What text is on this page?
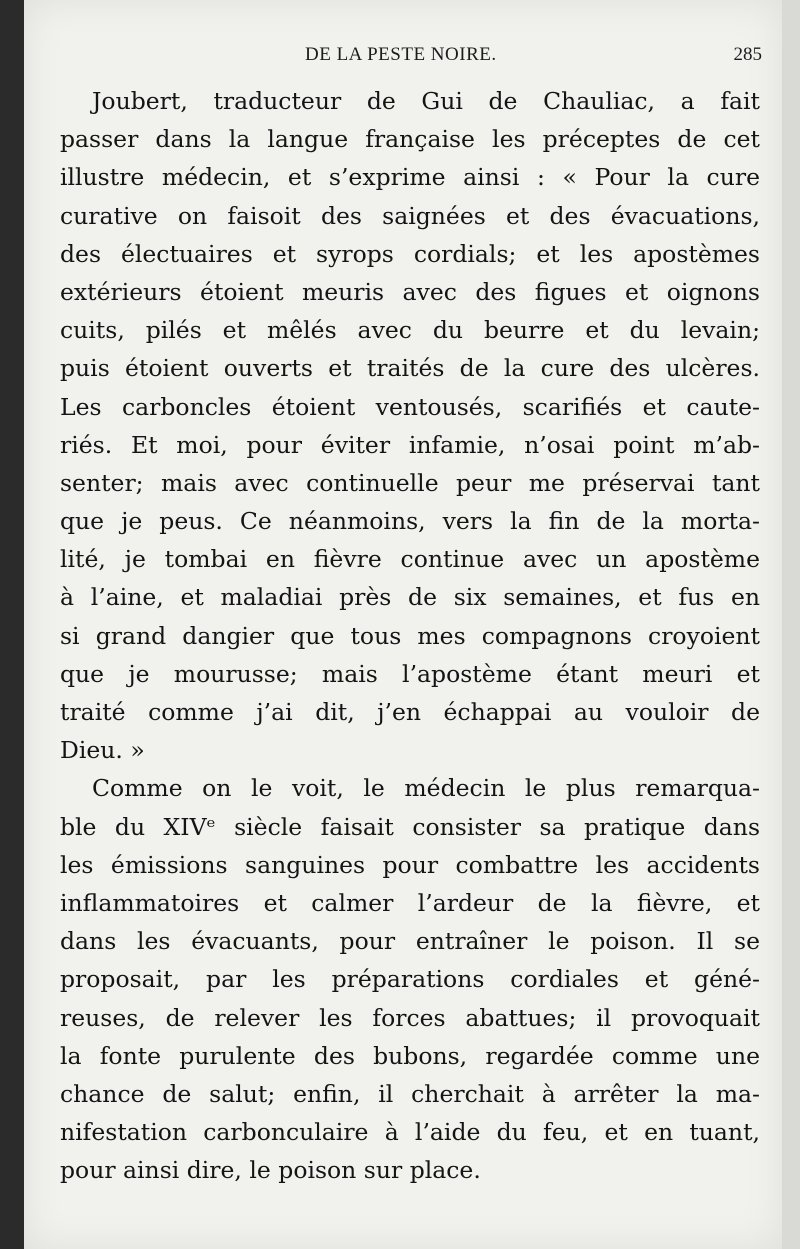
DE LA PESTE NOIRE.	285
Joubert, traducteur de Gui de Chauliac, a fait
passer dans la langue française les préceptes de cet
illustre médecin, et s’exprime ainsi : « Pour la cure
curative on faisoit des saignées et des évacuations,
des électuaires et syrops cordials; et les apostèmes
extérieurs étoient meuris avec des figues et oignons
cuits, pilés et mêlés avec du beurre et du levain;
puis étoient ouverts et traités de la cure des ulcères.
Les carboncles étoient ventousés, scarifiés et caute-
riés. Et moi, pour éviter infamie, n’osai point m’ab-
senter; mais avec continuelle peur me préservai tant
que je peus. Ce néanmoins, vers la fin de la morta-
lité, je tombai en fièvre continue avec un apostème
à l’aine, et maladiai près de six semaines, et fus en
si grand dangier que tous mes compagnons croyoient
que je mourusse; mais l’apostème étant meuri et
traité comme j’ai dit, j’en échappai au vouloir de
Dieu. »
Comme on le voit, le médecin le plus remarqua-
ble du XIVᵉ siècle faisait consister sa pratique dans
les émissions sanguines pour combattre les accidents
inflammatoires et calmer l’ardeur de la fièvre, et
dans les évacuants, pour entraîner le poison. Il se
proposait, par les préparations cordiales et géné-
reuses, de relever les forces abattues; il provoquait
la fonte purulente des bubons, regardée comme une
chance de salut; enfin, il cherchait à arrêter la ma-
nifestation carbonculaire à l’aide du feu, et en tuant,
pour ainsi dire, le poison sur place.
